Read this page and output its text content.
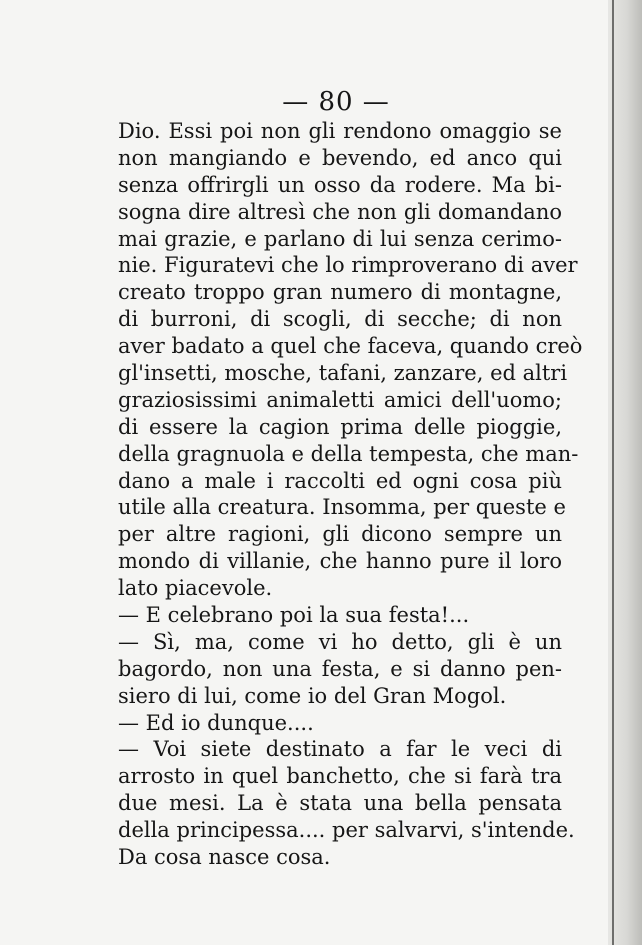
— 80 —
Dio. Essi poi non gli rendono omaggio se
non mangiando e bevendo, ed anco qui
senza offrirgli un osso da rodere. Ma bi-
sogna dire altresì che non gli domandano
mai grazie, e parlano di lui senza cerimo-
nie. Figuratevi che lo rimproverano di aver
creato troppo gran numero di montagne,
di burroni, di scogli, di secche; di non
aver badato a quel che faceva, quando creò
gl'insetti, mosche, tafani, zanzare, ed altri
graziosissimi animaletti amici dell'uomo;
di essere la cagion prima delle pioggie,
della gragnuola e della tempesta, che man-
dano a male i raccolti ed ogni cosa più
utile alla creatura. Insomma, per queste e
per altre ragioni, gli dicono sempre un
mondo di villanie, che hanno pure il loro
lato piacevole.
— E celebrano poi la sua festa!...
— Sì, ma, come vi ho detto, gli è un
bagordo, non una festa, e si danno pen-
siero di lui, come io del Gran Mogol.
— Ed io dunque....
— Voi siete destinato a far le veci di
arrosto in quel banchetto, che si farà tra
due mesi. La è stata una bella pensata
della principessa.... per salvarvi, s'intende.
Da cosa nasce cosa.
